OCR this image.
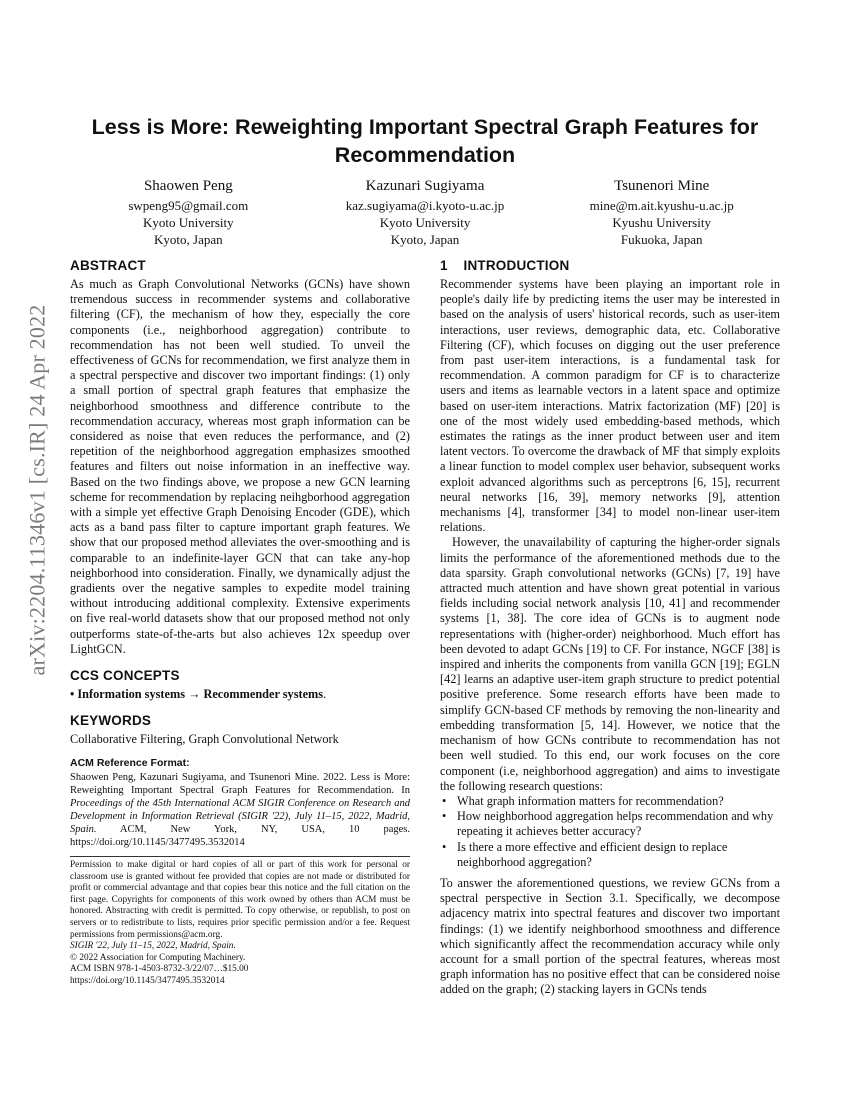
arXiv:2204.11346v1 [cs.IR] 24 Apr 2022
Less is More: Reweighting Important Spectral Graph Features for Recommendation
Shaowen Peng
swpeng95@gmail.com
Kyoto University
Kyoto, Japan
Kazunari Sugiyama
kaz.sugiyama@i.kyoto-u.ac.jp
Kyoto University
Kyoto, Japan
Tsunenori Mine
mine@m.ait.kyushu-u.ac.jp
Kyushu University
Fukuoka, Japan
ABSTRACT

As much as Graph Convolutional Networks (GCNs) have shown tremendous success in recommender systems and collaborative filtering (CF), the mechanism of how they, especially the core components (i.e., neighborhood aggregation) contribute to recommendation has not been well studied. To unveil the effectiveness of GCNs for recommendation, we first analyze them in a spectral perspective and discover two important findings: (1) only a small portion of spectral graph features that emphasize the neighborhood smoothness and difference contribute to the recommendation accuracy, whereas most graph information can be considered as noise that even reduces the performance, and (2) repetition of the neighborhood aggregation emphasizes smoothed features and filters out noise information in an ineffective way. Based on the two findings above, we propose a new GCN learning scheme for recommendation by replacing neihgborhood aggregation with a simple yet effective Graph Denoising Encoder (GDE), which acts as a band pass filter to capture important graph features. We show that our proposed method alleviates the over-smoothing and is comparable to an indefinite-layer GCN that can take any-hop neighborhood into consideration. Finally, we dynamically adjust the gradients over the negative samples to expedite model training without introducing additional complexity. Extensive experiments on five real-world datasets show that our proposed method not only outperforms state-of-the-arts but also achieves 12x speedup over LightGCN.

CCS CONCEPTS

• Information systems → Recommender systems.

KEYWORDS

Collaborative Filtering, Graph Convolutional Network

ACM Reference Format:

Shaowen Peng, Kazunari Sugiyama, and Tsunenori Mine. 2022. Less is More: Reweighting Important Spectral Graph Features for Recommendation. In Proceedings of the 45th International ACM SIGIR Conference on Research and Development in Information Retrieval (SIGIR '22), July 11–15, 2022, Madrid, Spain. ACM, New York, NY, USA, 10 pages. https://doi.org/10.1145/3477495.3532014

Permission to make digital or hard copies of all or part of this work for personal or classroom use is granted without fee provided that copies are not made or distributed for profit or commercial advantage and that copies bear this notice and the full citation on the first page. Copyrights for components of this work owned by others than ACM must be honored. Abstracting with credit is permitted. To copy otherwise, or republish, to post on servers or to redistribute to lists, requires prior specific permission and/or a fee. Request permissions from permissions@acm.org.

SIGIR '22, July 11–15, 2022, Madrid, Spain.

© 2022 Association for Computing Machinery.

ACM ISBN 978-1-4503-8732-3/22/07…$15.00

https://doi.org/10.1145/3477495.3532014

1    INTRODUCTION

Recommender systems have been playing an important role in people's daily life by predicting items the user may be interested in based on the analysis of users' historical records, such as user-item interactions, user reviews, demographic data, etc. Collaborative Filtering (CF), which focuses on digging out the user preference from past user-item interactions, is a fundamental task for recommendation. A common paradigm for CF is to characterize users and items as learnable vectors in a latent space and optimize based on user-item interactions. Matrix factorization (MF) [20] is one of the most widely used embedding-based methods, which estimates the ratings as the inner product between user and item latent vectors. To overcome the drawback of MF that simply exploits a linear function to model complex user behavior, subsequent works exploit advanced algorithms such as perceptrons [6, 15], recurrent neural networks [16, 39], memory networks [9], attention mechanisms [4], transformer [34] to model non-linear user-item relations.

However, the unavailability of capturing the higher-order signals limits the performance of the aforementioned methods due to the data sparsity. Graph convolutional networks (GCNs) [7, 19] have attracted much attention and have shown great potential in various fields including social network analysis [10, 41] and recommender systems [1, 38]. The core idea of GCNs is to augment node representations with (higher-order) neighborhood. Much effort has been devoted to adapt GCNs [19] to CF. For instance, NGCF [38] is inspired and inherits the components from vanilla GCN [19]; EGLN [42] learns an adaptive user-item graph structure to predict potential positive preference. Some research efforts have been made to simplify GCN-based CF methods by removing the non-linearity and embedding transformation [5, 14]. However, we notice that the mechanism of how GCNs contribute to recommendation has not been well studied. To this end, our work focuses on the core component (i.e, neighborhood aggregation) and aims to investigate the following research questions:

• What graph information matters for recommendation?
• How neighborhood aggregation helps recommendation and why repeating it achieves better accuracy?
• Is there a more effective and efficient design to replace neighborhood aggregation?

To answer the aforementioned questions, we review GCNs from a spectral perspective in Section 3.1. Specifically, we decompose adjacency matrix into spectral features and discover two important findings: (1) we identify neighborhood smoothness and difference which significantly affect the recommendation accuracy while only account for a small portion of the spectral features, whereas most graph information has no positive effect that can be considered noise added on the graph; (2) stacking layers in GCNs tends
